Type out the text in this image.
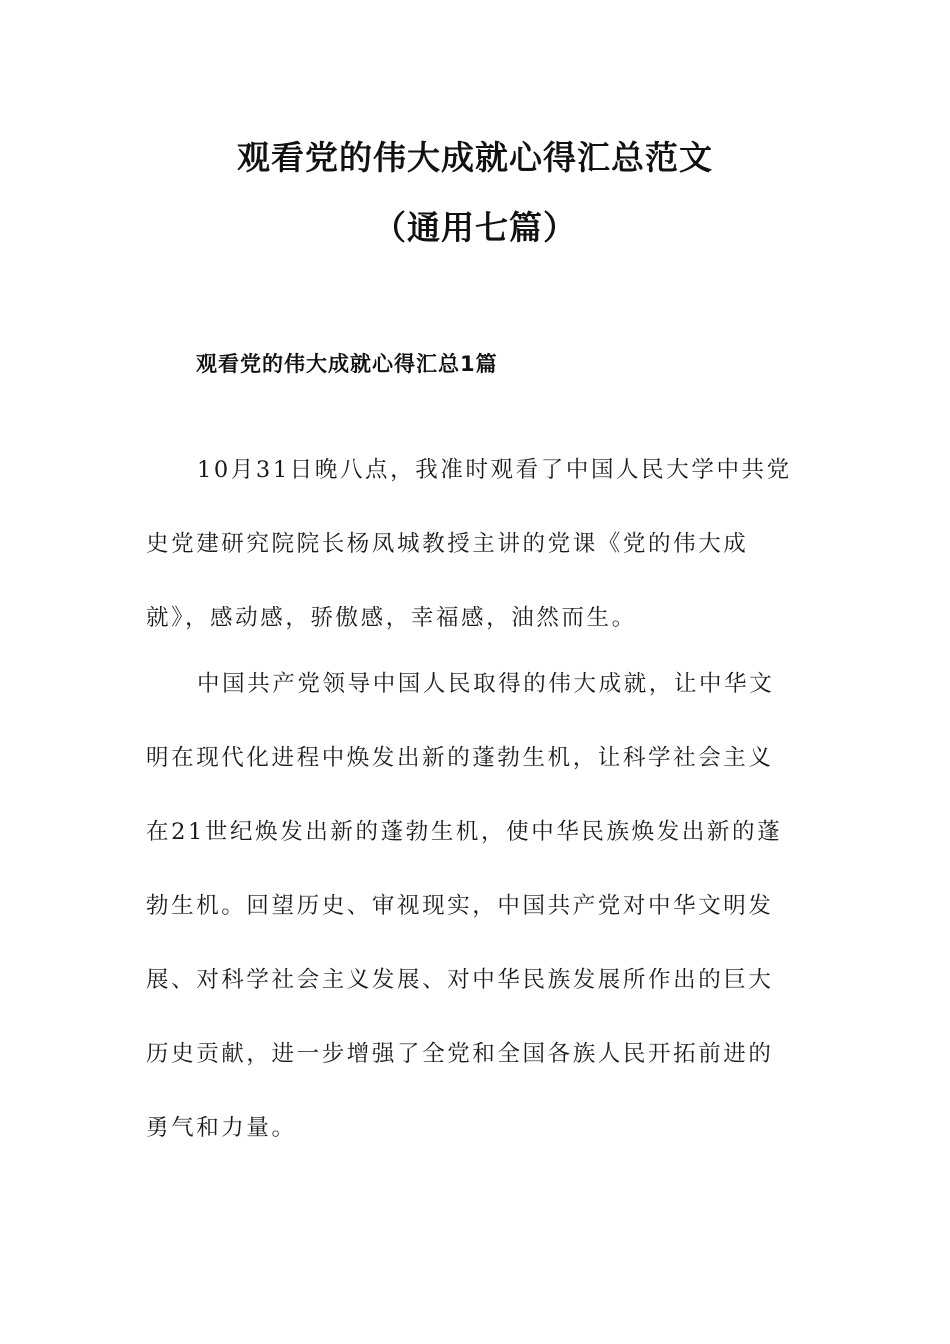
观看党的伟大成就心得汇总范文
（通用七篇）
观看党的伟大成就心得汇总1篇
10月31日晚八点，我准时观看了中国人民大学中共党
史党建研究院院长杨凤城教授主讲的党课《党的伟大成
就》，感动感，骄傲感，幸福感，油然而生。
中国共产党领导中国人民取得的伟大成就，让中华文
明在现代化进程中焕发出新的蓬勃生机，让科学社会主义
在21世纪焕发出新的蓬勃生机，使中华民族焕发出新的蓬
勃生机。回望历史、审视现实，中国共产党对中华文明发
展、对科学社会主义发展、对中华民族发展所作出的巨大
历史贡献，进一步增强了全党和全国各族人民开拓前进的
勇气和力量。
